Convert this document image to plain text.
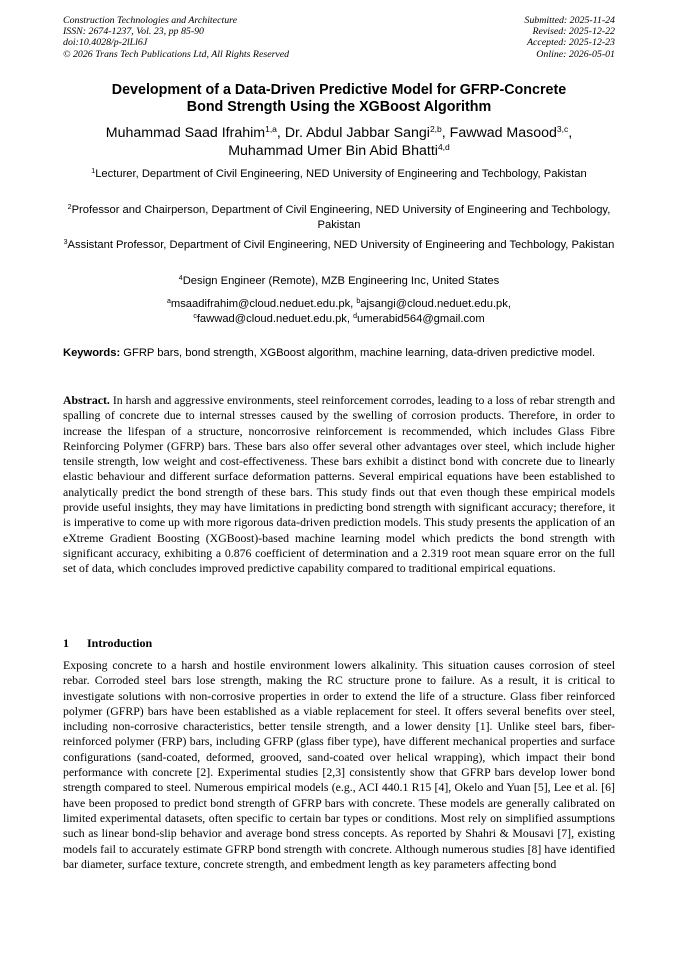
Construction Technologies and Architecture
ISSN: 2674-1237, Vol. 23, pp 85-90
doi:10.4028/p-2lLl6J
© 2026 Trans Tech Publications Ltd, All Rights Reserved
Submitted: 2025-11-24
Revised: 2025-12-22
Accepted: 2025-12-23
Online: 2026-05-01
Development of a Data-Driven Predictive Model for GFRP-Concrete
Bond Strength Using the XGBoost Algorithm
Muhammad Saad Ifrahim$^{1,a}$, Dr. Abdul Jabbar Sangi$^{2,b}$, Fawwad Masood$^{3,c}$,
Muhammad Umer Bin Abid Bhatti$^{4,d}$
$^1$Lecturer, Department of Civil Engineering, NED University of Engineering and Techbology, Pakistan
$^2$Professor and Chairperson, Department of Civil Engineering, NED University of Engineering and Techbology, Pakistan
$^3$Assistant Professor, Department of Civil Engineering, NED University of Engineering and Techbology, Pakistan
$^4$Design Engineer (Remote), MZB Engineering Inc, United States
$^a$msaadifrahim@cloud.neduet.edu.pk, $^b$ajsangi@cloud.neduet.edu.pk,
$^c$fawwad@cloud.neduet.edu.pk, $^d$umerabid564@gmail.com
Keywords: GFRP bars, bond strength, XGBoost algorithm, machine learning, data-driven predictive model.
Abstract. In harsh and aggressive environments, steel reinforcement corrodes, leading to a loss of rebar strength and spalling of concrete due to internal stresses caused by the swelling of corrosion products. Therefore, in order to increase the lifespan of a structure, noncorrosive reinforcement is recommended, which includes Glass Fibre Reinforcing Polymer (GFRP) bars. These bars also offer several other advantages over steel, which include higher tensile strength, low weight and cost-effectiveness. These bars exhibit a distinct bond with concrete due to linearly elastic behaviour and different surface deformation patterns. Several empirical equations have been established to analytically predict the bond strength of these bars. This study finds out that even though these empirical models provide useful insights, they may have limitations in predicting bond strength with significant accuracy; therefore, it is imperative to come up with more rigorous data-driven prediction models. This study presents the application of an eXtreme Gradient Boosting (XGBoost)-based machine learning model which predicts the bond strength with significant accuracy, exhibiting a 0.876 coefficient of determination and a 2.319 root mean square error on the full set of data, which concludes improved predictive capability compared to traditional empirical equations.
1 Introduction
Exposing concrete to a harsh and hostile environment lowers alkalinity. This situation causes corrosion of steel rebar. Corroded steel bars lose strength, making the RC structure prone to failure. As a result, it is critical to investigate solutions with non-corrosive properties in order to extend the life of a structure. Glass fiber reinforced polymer (GFRP) bars have been established as a viable replacement for steel. It offers several benefits over steel, including non-corrosive characteristics, better tensile strength, and a lower density [1]. Unlike steel bars, fiber-reinforced polymer (FRP) bars, including GFRP (glass fiber type), have different mechanical properties and surface configurations (sand-coated, deformed, grooved, sand-coated over helical wrapping), which impact their bond performance with concrete [2]. Experimental studies [2,3] consistently show that GFRP bars develop lower bond strength compared to steel. Numerous empirical models (e.g., ACI 440.1 R15 [4], Okelo and Yuan [5], Lee et al. [6] have been proposed to predict bond strength of GFRP bars with concrete. These models are generally calibrated on limited experimental datasets, often specific to certain bar types or conditions. Most rely on simplified assumptions such as linear bond-slip behavior and average bond stress concepts. As reported by Shahri & Mousavi [7], existing models fail to accurately estimate GFRP bond strength with concrete. Although numerous studies [8] have identified bar diameter, surface texture, concrete strength, and embedment length as key parameters affecting bond
